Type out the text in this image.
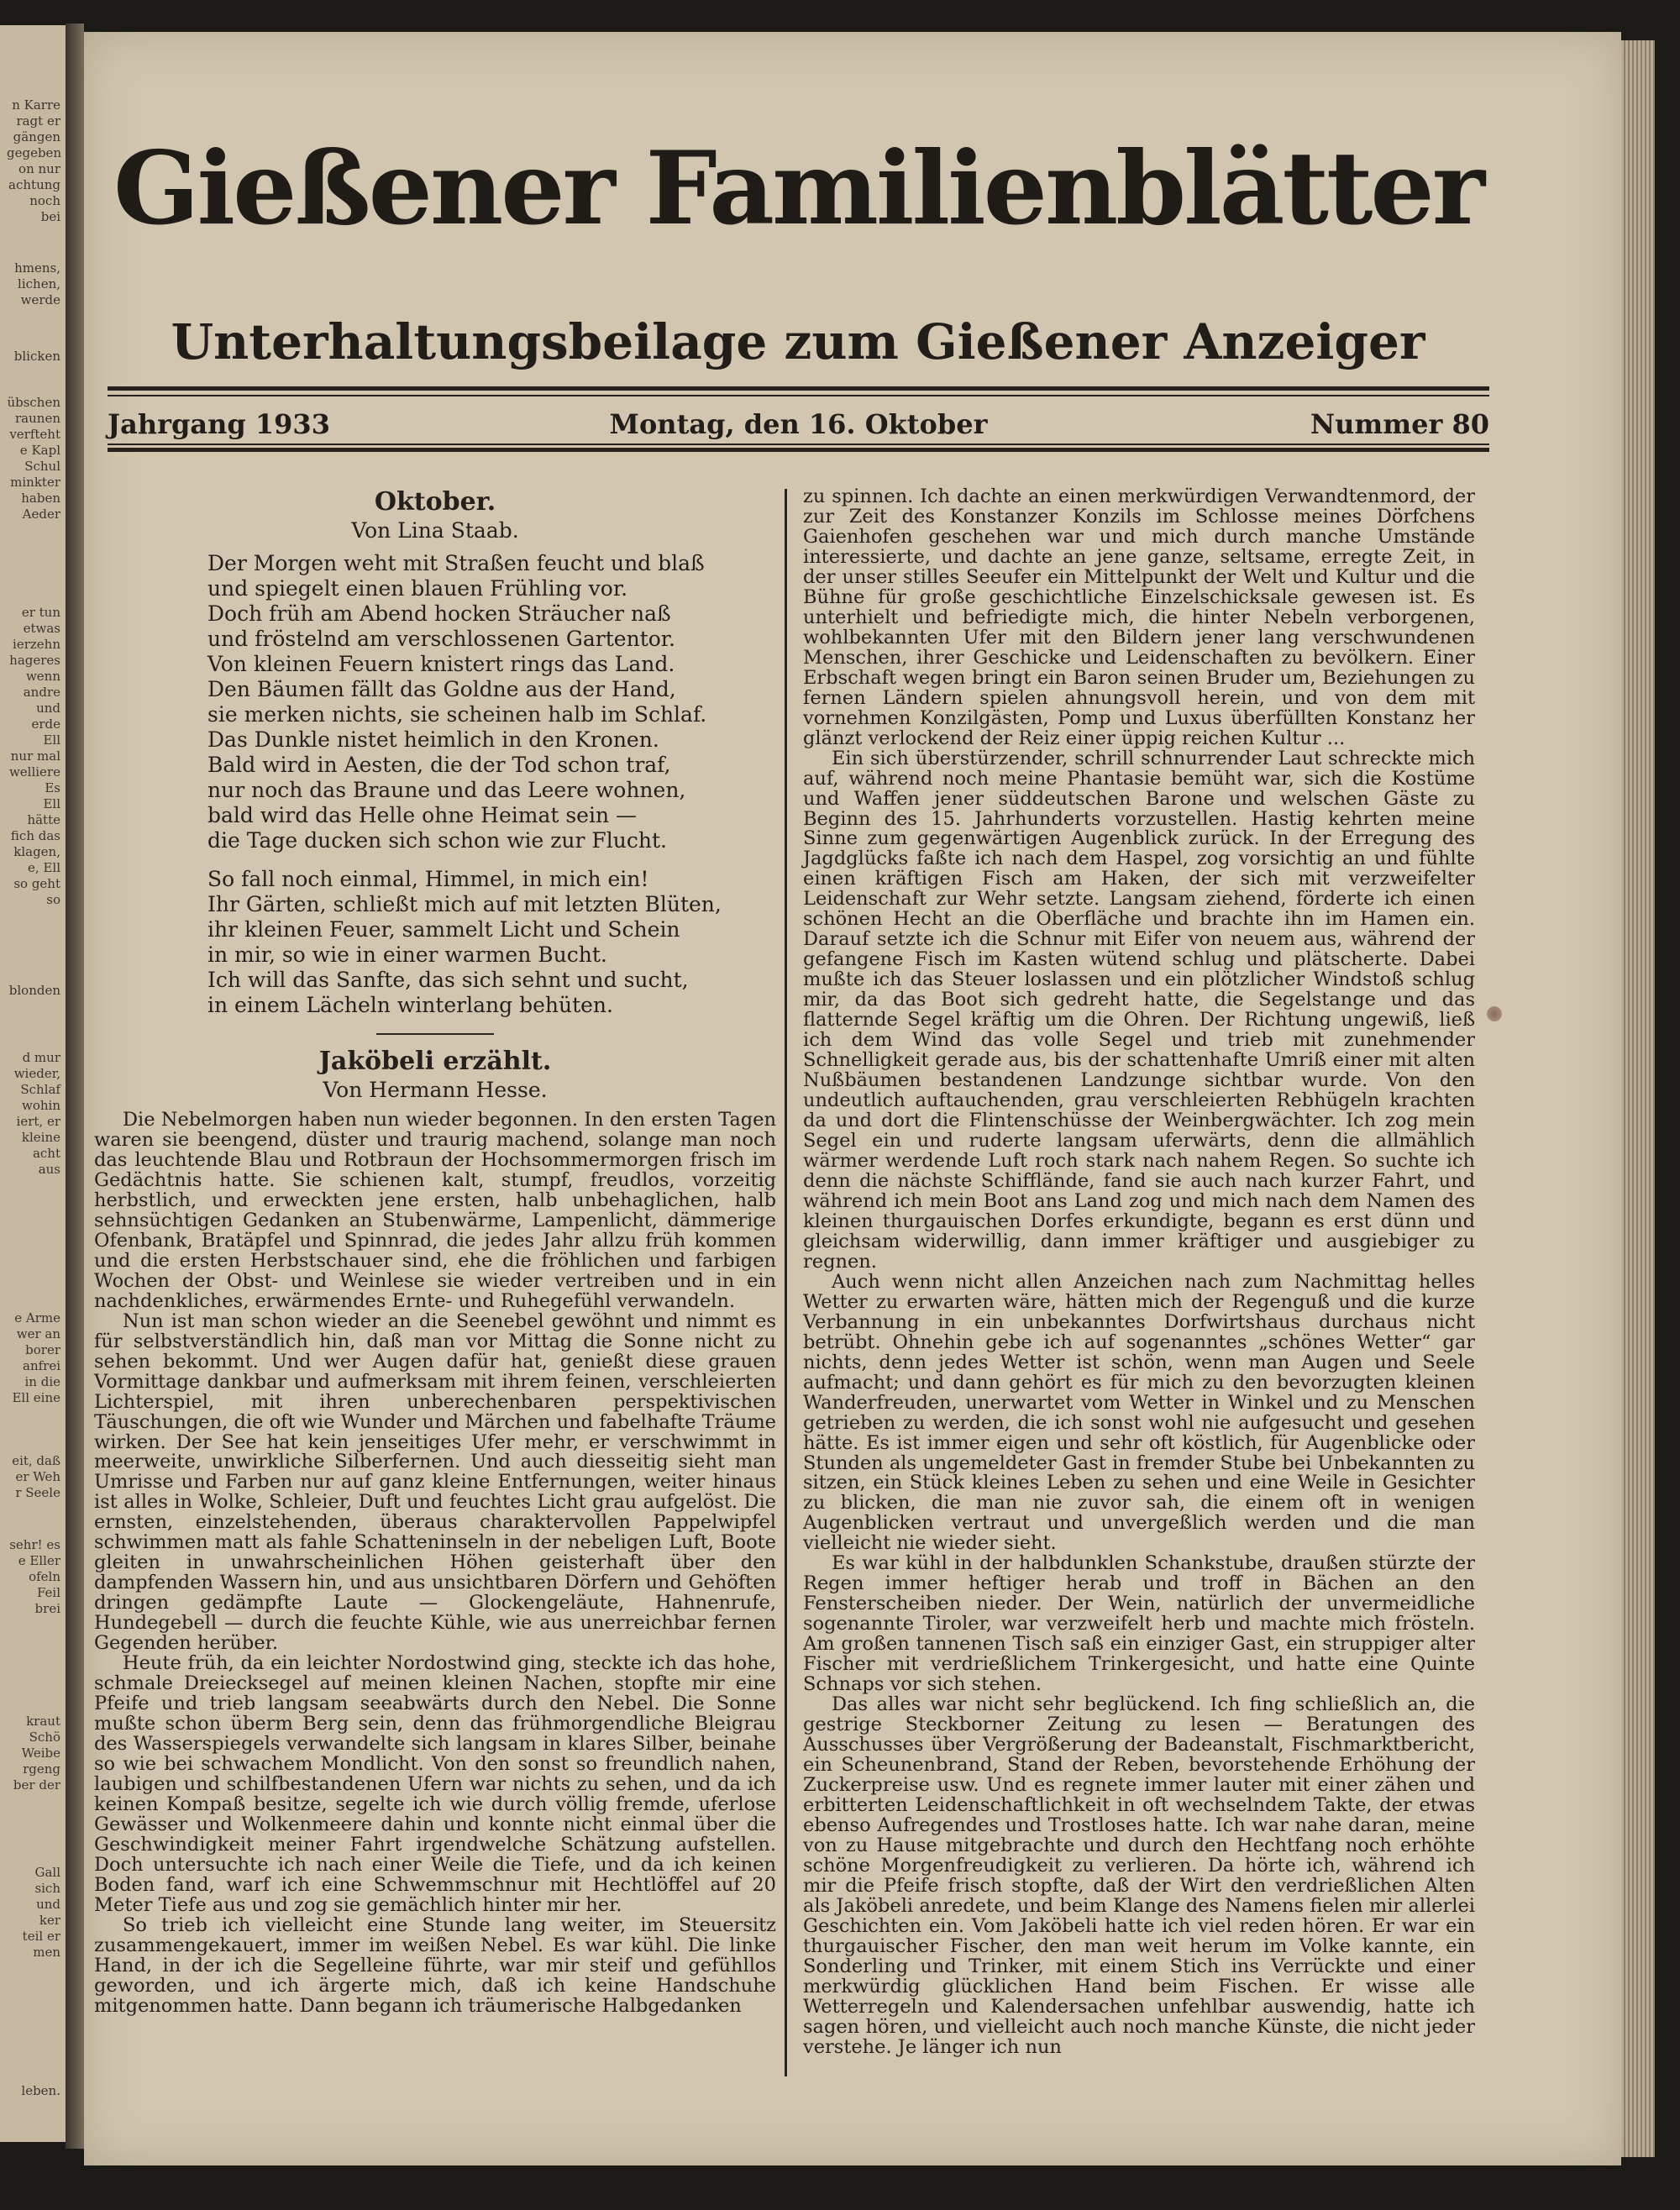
n Karre
ragt er
gängen
gegeben
on nur
achtung
noch bei
hmens,
lichen,
werde
blicken
übschen
raunen
verfteht
e Kapl
Schul
minkter
haben
Aeder
er tun
etwas
ierzehn
hageres
wenn
andre
und
erde
Ell
nur mal
welliere
Es
Ell
hätte
fich das
klagen,
e, Ell
so geht
so
blonden
d mur
wieder,
Schlaf
wohin
iert, er
kleine
acht aus
e Arme
wer an
borer
anfrei
in die
Ell eine
eit, daß
er Weh
r Seele
sehr! es
e Eller
ofeln
Feil
brei
kraut
Schö
Weibe
rgeng
ber der
Gall
sich und
ker
teil er
men
leben.
Gießener Familienblätter
Unterhaltungsbeilage zum Gießener Anzeiger
Jahrgang 1933	Montag, den 16. Oktober	Nummer 80

Oktober.

Von Lina Staab.

Der Morgen weht mit Straßen feucht und blaß
und spiegelt einen blauen Frühling vor.
Doch früh am Abend hocken Sträucher naß
und fröstelnd am verschlossenen Gartentor.
Von kleinen Feuern knistert rings das Land.
Den Bäumen fällt das Goldne aus der Hand,
sie merken nichts, sie scheinen halb im Schlaf.
Das Dunkle nistet heimlich in den Kronen.
Bald wird in Aesten, die der Tod schon traf,
nur noch das Braune und das Leere wohnen,
bald wird das Helle ohne Heimat sein —
die Tage ducken sich schon wie zur Flucht.
So fall noch einmal, Himmel, in mich ein!
Ihr Gärten, schließt mich auf mit letzten Blüten,
ihr kleinen Feuer, sammelt Licht und Schein
in mir, so wie in einer warmen Bucht.
Ich will das Sanfte, das sich sehnt und sucht,
in einem Lächeln winterlang behüten.

Jaköbeli erzählt.

Von Hermann Hesse.

Die Nebelmorgen haben nun wieder begonnen. In den ersten Tagen waren sie beengend, düster und traurig machend, solange man noch das leuchtende Blau und Rotbraun der Hochsommermorgen frisch im Gedächtnis hatte. Sie schienen kalt, stumpf, freudlos, vorzeitig herbstlich, und erweckten jene ersten, halb unbehaglichen, halb sehnsüchtigen Gedanken an Stubenwärme, Lampenlicht, dämmerige Ofenbank, Bratäpfel und Spinnrad, die jedes Jahr allzu früh kommen und die ersten Herbstschauer sind, ehe die fröhlichen und farbigen Wochen der Obst- und Weinlese sie wieder vertreiben und in ein nachdenkliches, erwärmendes Ernte- und Ruhegefühl verwandeln.

Nun ist man schon wieder an die Seenebel gewöhnt und nimmt es für selbstverständlich hin, daß man vor Mittag die Sonne nicht zu sehen bekommt. Und wer Augen dafür hat, genießt diese grauen Vormittage dankbar und aufmerksam mit ihrem feinen, verschleierten Lichterspiel, mit ihren unberechenbaren perspektivischen Täuschungen, die oft wie Wunder und Märchen und fabelhafte Träume wirken. Der See hat kein jenseitiges Ufer mehr, er verschwimmt in meerweite, unwirkliche Silberfernen. Und auch diesseitig sieht man Umrisse und Farben nur auf ganz kleine Entfernungen, weiter hinaus ist alles in Wolke, Schleier, Duft und feuchtes Licht grau aufgelöst. Die ernsten, einzelstehenden, überaus charaktervollen Pappelwipfel schwimmen matt als fahle Schatteninseln in der nebeligen Luft, Boote gleiten in unwahrscheinlichen Höhen geisterhaft über den dampfenden Wassern hin, und aus unsichtbaren Dörfern und Gehöften dringen gedämpfte Laute — Glockengeläute, Hahnenrufe, Hundegebell — durch die feuchte Kühle, wie aus unerreichbar fernen Gegenden herüber.

Heute früh, da ein leichter Nordostwind ging, steckte ich das hohe, schmale Dreiecksegel auf meinen kleinen Nachen, stopfte mir eine Pfeife und trieb langsam seeabwärts durch den Nebel. Die Sonne mußte schon überm Berg sein, denn das frühmorgendliche Bleigrau des Wasserspiegels verwandelte sich langsam in klares Silber, beinahe so wie bei schwachem Mondlicht. Von den sonst so freundlich nahen, laubigen und schilfbestandenen Ufern war nichts zu sehen, und da ich keinen Kompaß besitze, segelte ich wie durch völlig fremde, uferlose Gewässer und Wolkenmeere dahin und konnte nicht einmal über die Geschwindigkeit meiner Fahrt irgendwelche Schätzung aufstellen. Doch untersuchte ich nach einer Weile die Tiefe, und da ich keinen Boden fand, warf ich eine Schwemmschnur mit Hechtlöffel auf 20 Meter Tiefe aus und zog sie gemächlich hinter mir her.

So trieb ich vielleicht eine Stunde lang weiter, im Steuersitz zusammengekauert, immer im weißen Nebel. Es war kühl. Die linke Hand, in der ich die Segelleine führte, war mir steif und gefühllos geworden, und ich ärgerte mich, daß ich keine Handschuhe mitgenommen hatte. Dann begann ich träumerische Halbgedanken

zu spinnen. Ich dachte an einen merkwürdigen Verwandtenmord, der zur Zeit des Konstanzer Konzils im Schlosse meines Dörfchens Gaienhofen geschehen war und mich durch manche Umstände interessierte, und dachte an jene ganze, seltsame, erregte Zeit, in der unser stilles Seeufer ein Mittelpunkt der Welt und Kultur und die Bühne für große geschichtliche Einzelschicksale gewesen ist. Es unterhielt und befriedigte mich, die hinter Nebeln verborgenen, wohlbekannten Ufer mit den Bildern jener lang verschwundenen Menschen, ihrer Geschicke und Leidenschaften zu bevölkern. Einer Erbschaft wegen bringt ein Baron seinen Bruder um, Beziehungen zu fernen Ländern spielen ahnungsvoll herein, und von dem mit vornehmen Konzilgästen, Pomp und Luxus überfüllten Konstanz her glänzt verlockend der Reiz einer üppig reichen Kultur ...

Ein sich überstürzender, schrill schnurrender Laut schreckte mich auf, während noch meine Phantasie bemüht war, sich die Kostüme und Waffen jener süddeutschen Barone und welschen Gäste zu Beginn des 15. Jahrhunderts vorzustellen. Hastig kehrten meine Sinne zum gegenwärtigen Augenblick zurück. In der Erregung des Jagdglücks faßte ich nach dem Haspel, zog vorsichtig an und fühlte einen kräftigen Fisch am Haken, der sich mit verzweifelter Leidenschaft zur Wehr setzte. Langsam ziehend, förderte ich einen schönen Hecht an die Oberfläche und brachte ihn im Hamen ein. Darauf setzte ich die Schnur mit Eifer von neuem aus, während der gefangene Fisch im Kasten wütend schlug und plätscherte. Dabei mußte ich das Steuer loslassen und ein plötzlicher Windstoß schlug mir, da das Boot sich gedreht hatte, die Segelstange und das flatternde Segel kräftig um die Ohren. Der Richtung ungewiß, ließ ich dem Wind das volle Segel und trieb mit zunehmender Schnelligkeit gerade aus, bis der schattenhafte Umriß einer mit alten Nußbäumen bestandenen Landzunge sichtbar wurde. Von den undeutlich auftauchenden, grau verschleierten Rebhügeln krachten da und dort die Flintenschüsse der Weinbergwächter. Ich zog mein Segel ein und ruderte langsam uferwärts, denn die allmählich wärmer werdende Luft roch stark nach nahem Regen. So suchte ich denn die nächste Schifflände, fand sie auch nach kurzer Fahrt, und während ich mein Boot ans Land zog und mich nach dem Namen des kleinen thurgauischen Dorfes erkundigte, begann es erst dünn und gleichsam widerwillig, dann immer kräftiger und ausgiebiger zu regnen.

Auch wenn nicht allen Anzeichen nach zum Nachmittag helles Wetter zu erwarten wäre, hätten mich der Regenguß und die kurze Verbannung in ein unbekanntes Dorfwirtshaus durchaus nicht betrübt. Ohnehin gebe ich auf sogenanntes „schönes Wetter“ gar nichts, denn jedes Wetter ist schön, wenn man Augen und Seele aufmacht; und dann gehört es für mich zu den bevorzugten kleinen Wanderfreuden, unerwartet vom Wetter in Winkel und zu Menschen getrieben zu werden, die ich sonst wohl nie aufgesucht und gesehen hätte. Es ist immer eigen und sehr oft köstlich, für Augenblicke oder Stunden als ungemeldeter Gast in fremder Stube bei Unbekannten zu sitzen, ein Stück kleines Leben zu sehen und eine Weile in Gesichter zu blicken, die man nie zuvor sah, die einem oft in wenigen Augenblicken vertraut und unvergeßlich werden und die man vielleicht nie wieder sieht.

Es war kühl in der halbdunklen Schankstube, draußen stürzte der Regen immer heftiger herab und troff in Bächen an den Fensterscheiben nieder. Der Wein, natürlich der unvermeidliche sogenannte Tiroler, war verzweifelt herb und machte mich frösteln. Am großen tannenen Tisch saß ein einziger Gast, ein struppiger alter Fischer mit verdrießlichem Trinkergesicht, und hatte eine Quinte Schnaps vor sich stehen.

Das alles war nicht sehr beglückend. Ich fing schließlich an, die gestrige Steckborner Zeitung zu lesen — Beratungen des Ausschusses über Vergrößerung der Badeanstalt, Fischmarktbericht, ein Scheunenbrand, Stand der Reben, bevorstehende Erhöhung der Zuckerpreise usw. Und es regnete immer lauter mit einer zähen und erbitterten Leidenschaftlichkeit in oft wechselndem Takte, der etwas ebenso Aufregendes und Trostloses hatte. Ich war nahe daran, meine von zu Hause mitgebrachte und durch den Hechtfang noch erhöhte schöne Morgenfreudigkeit zu verlieren. Da hörte ich, während ich mir die Pfeife frisch stopfte, daß der Wirt den verdrießlichen Alten als Jaköbeli anredete, und beim Klange des Namens fielen mir allerlei Geschichten ein. Vom Jaköbeli hatte ich viel reden hören. Er war ein thurgauischer Fischer, den man weit herum im Volke kannte, ein Sonderling und Trinker, mit einem Stich ins Verrückte und einer merkwürdig glücklichen Hand beim Fischen. Er wisse alle Wetterregeln und Kalendersachen unfehlbar auswendig, hatte ich sagen hören, und vielleicht auch noch manche Künste, die nicht jeder verstehe. Je länger ich nun
